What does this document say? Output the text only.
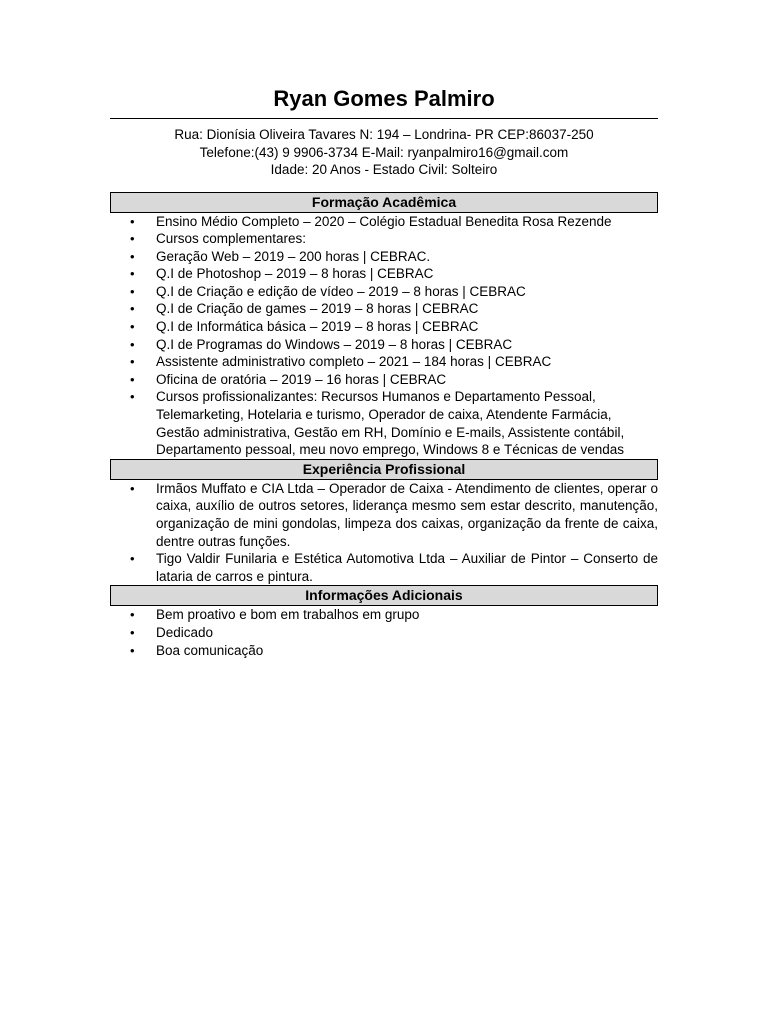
Ryan Gomes Palmiro
Rua: Dionísia Oliveira Tavares N: 194 – Londrina- PR CEP:86037-250
Telefone:(43) 9 9906-3734 E-Mail: ryanpalmiro16@gmail.com
Idade: 20 Anos - Estado Civil: Solteiro
Formação Acadêmica
• Ensino Médio Completo – 2020 – Colégio Estadual Benedita Rosa Rezende
• Cursos complementares:
• Geração Web – 2019 – 200 horas | CEBRAC.
• Q.I de Photoshop – 2019 – 8 horas | CEBRAC
• Q.I de Criação e edição de vídeo – 2019 – 8 horas | CEBRAC
• Q.I de Criação de games – 2019 – 8 horas | CEBRAC
• Q.I de Informática básica – 2019 – 8 horas | CEBRAC
• Q.I de Programas do Windows – 2019 – 8 horas | CEBRAC
• Assistente administrativo completo – 2021 – 184 horas | CEBRAC
• Oficina de oratória – 2019 – 16 horas | CEBRAC
• Cursos profissionalizantes: Recursos Humanos e Departamento Pessoal, Telemarketing, Hotelaria e turismo, Operador de caixa, Atendente Farmácia, Gestão administrativa, Gestão em RH, Domínio e E-mails, Assistente contábil, Departamento pessoal, meu novo emprego, Windows 8 e Técnicas de vendas
Experiência Profissional
• Irmãos Muffato e CIA Ltda – Operador de Caixa - Atendimento de clientes, operar o caixa, auxílio de outros setores, liderança mesmo sem estar descrito, manutenção, organização de mini gondolas, limpeza dos caixas, organização da frente de caixa, dentre outras funções.
• Tigo Valdir Funilaria e Estética Automotiva Ltda – Auxiliar de Pintor – Conserto de lataria de carros e pintura.
Informações Adicionais
• Bem proativo e bom em trabalhos em grupo
• Dedicado
• Boa comunicação
